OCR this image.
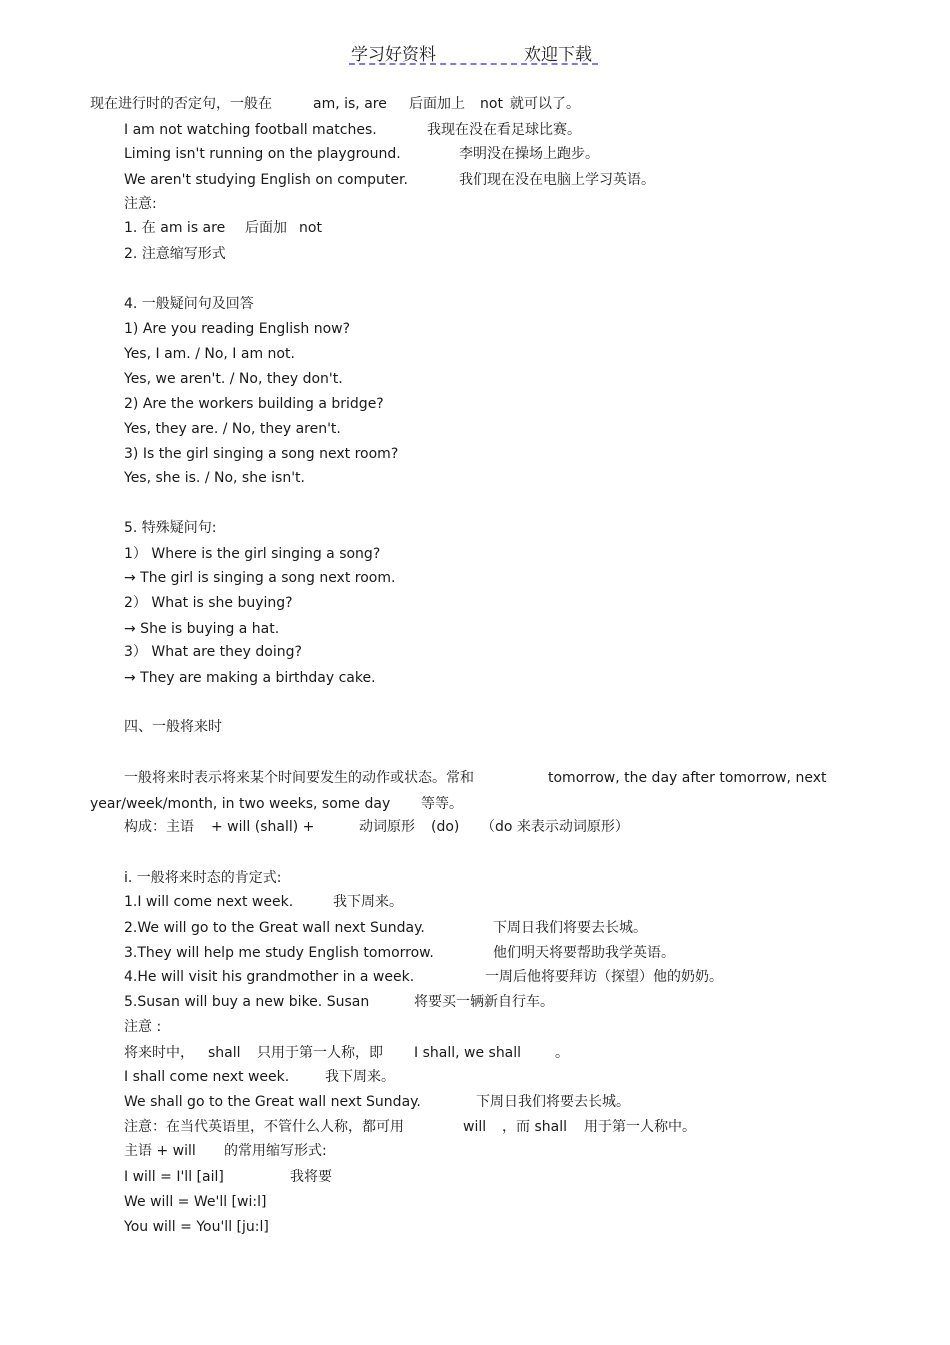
学习好资料	欢迎下载
现在进行时的否定句，一般在	am, is, are 后面加上 not 就可以了。
I am not watching football matches.	我现在没在看足球比赛。
Liming isn't running on the playground.	李明没在操场上跑步。
We aren't studying English on computer.	我们现在没在电脑上学习英语。
注意:
1. 在 am is are 后面加 not
2. 注意缩写形式
4. 一般疑问句及回答
1) Are you reading English now?
Yes, I am. / No, I am not.
Yes, we aren't. / No, they don't.
2) Are the workers building a bridge?
Yes, they are. / No, they aren't.
3) Is the girl singing a song next room?
Yes, she is. / No, she isn't.
5. 特殊疑问句:
1） Where is the girl singing a song?
→ The girl is singing a song next room.
2） What is she buying?
→ She is buying a hat.
3） What are they doing?
→ They are making a birthday cake.
四、一般将来时
一般将来时表示将来某个时间要发生的动作或状态。常和	tomorrow, the day after tomorrow, next
year/week/month, in two weeks, some day 等等。
构成：主语 + will (shall) +	动词原形 (do) （do 来表示动词原形）
ⅰ. 一般将来时态的肯定式:
1.I will come next week.	我下周来。
2.We will go to the Great wall next Sunday.	下周日我们将要去长城。
3.They will help me study English tomorrow.	他们明天将要帮助我学英语。
4.He will visit his grandmother in a week.	一周后他将要拜访（探望）他的奶奶。
5.Susan will buy a new bike. Susan	将要买一辆新自行车。
注意 :
将来时中， shall 只用于第一人称，即 I shall, we shall 。
I shall come next week.	我下周来。
We shall go to the Great wall next Sunday.	下周日我们将要去长城。
注意：在当代英语里，不管什么人称，都可用	will ，而 shall 用于第一人称中。
主语 + will 的常用缩写形式:
I will = I'll [ail]	我将要
We will = We'll [wi:l]
You will = You'll [ju:l]
